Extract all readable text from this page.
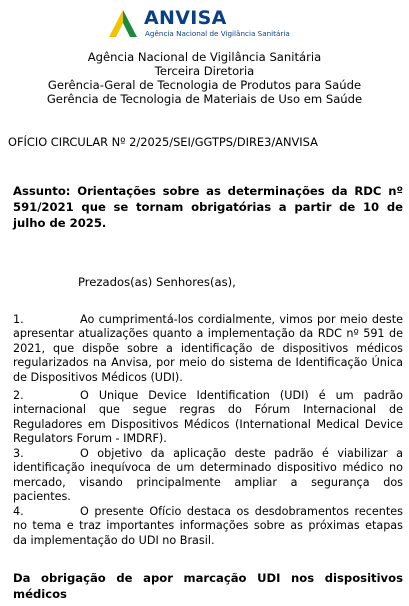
ANVISA
Agência Nacional de Vigilância Sanitária
Agência Nacional de Vigilância Sanitária
Terceira Diretoria
Gerência-Geral de Tecnologia de Produtos para Saúde
Gerência de Tecnologia de Materiais de Uso em Saúde
OFÍCIO CIRCULAR Nº 2/2025/SEI/GGTPS/DIRE3/ANVISA
Assunto: Orientações sobre as determinações da RDC nº 591/2021 que se tornam obrigatórias a partir de 10 de julho de 2025.
Prezados(as) Senhores(as),
1.	Ao cumprimentá-los cordialmente, vimos por meio deste apresentar atualizações quanto a implementação da RDC nº 591 de 2021, que dispõe sobre a identificação de dispositivos médicos regularizados na Anvisa, por meio do sistema de Identificação Única de Dispositivos Médicos (UDI).
2.	O Unique Device Identification (UDI) é um padrão internacional que segue regras do Fórum Internacional de Reguladores em Dispositivos Médicos (International Medical Device Regulators Forum - IMDRF).
3.	O objetivo da aplicação deste padrão é viabilizar a identificação inequívoca de um determinado dispositivo médico no mercado, visando principalmente ampliar a segurança dos pacientes.
4.	O presente Ofício destaca os desdobramentos recentes no tema e traz importantes informações sobre as próximas etapas da implementação do UDI no Brasil.
Da obrigação de apor marcação UDI nos dispositivos médicos
